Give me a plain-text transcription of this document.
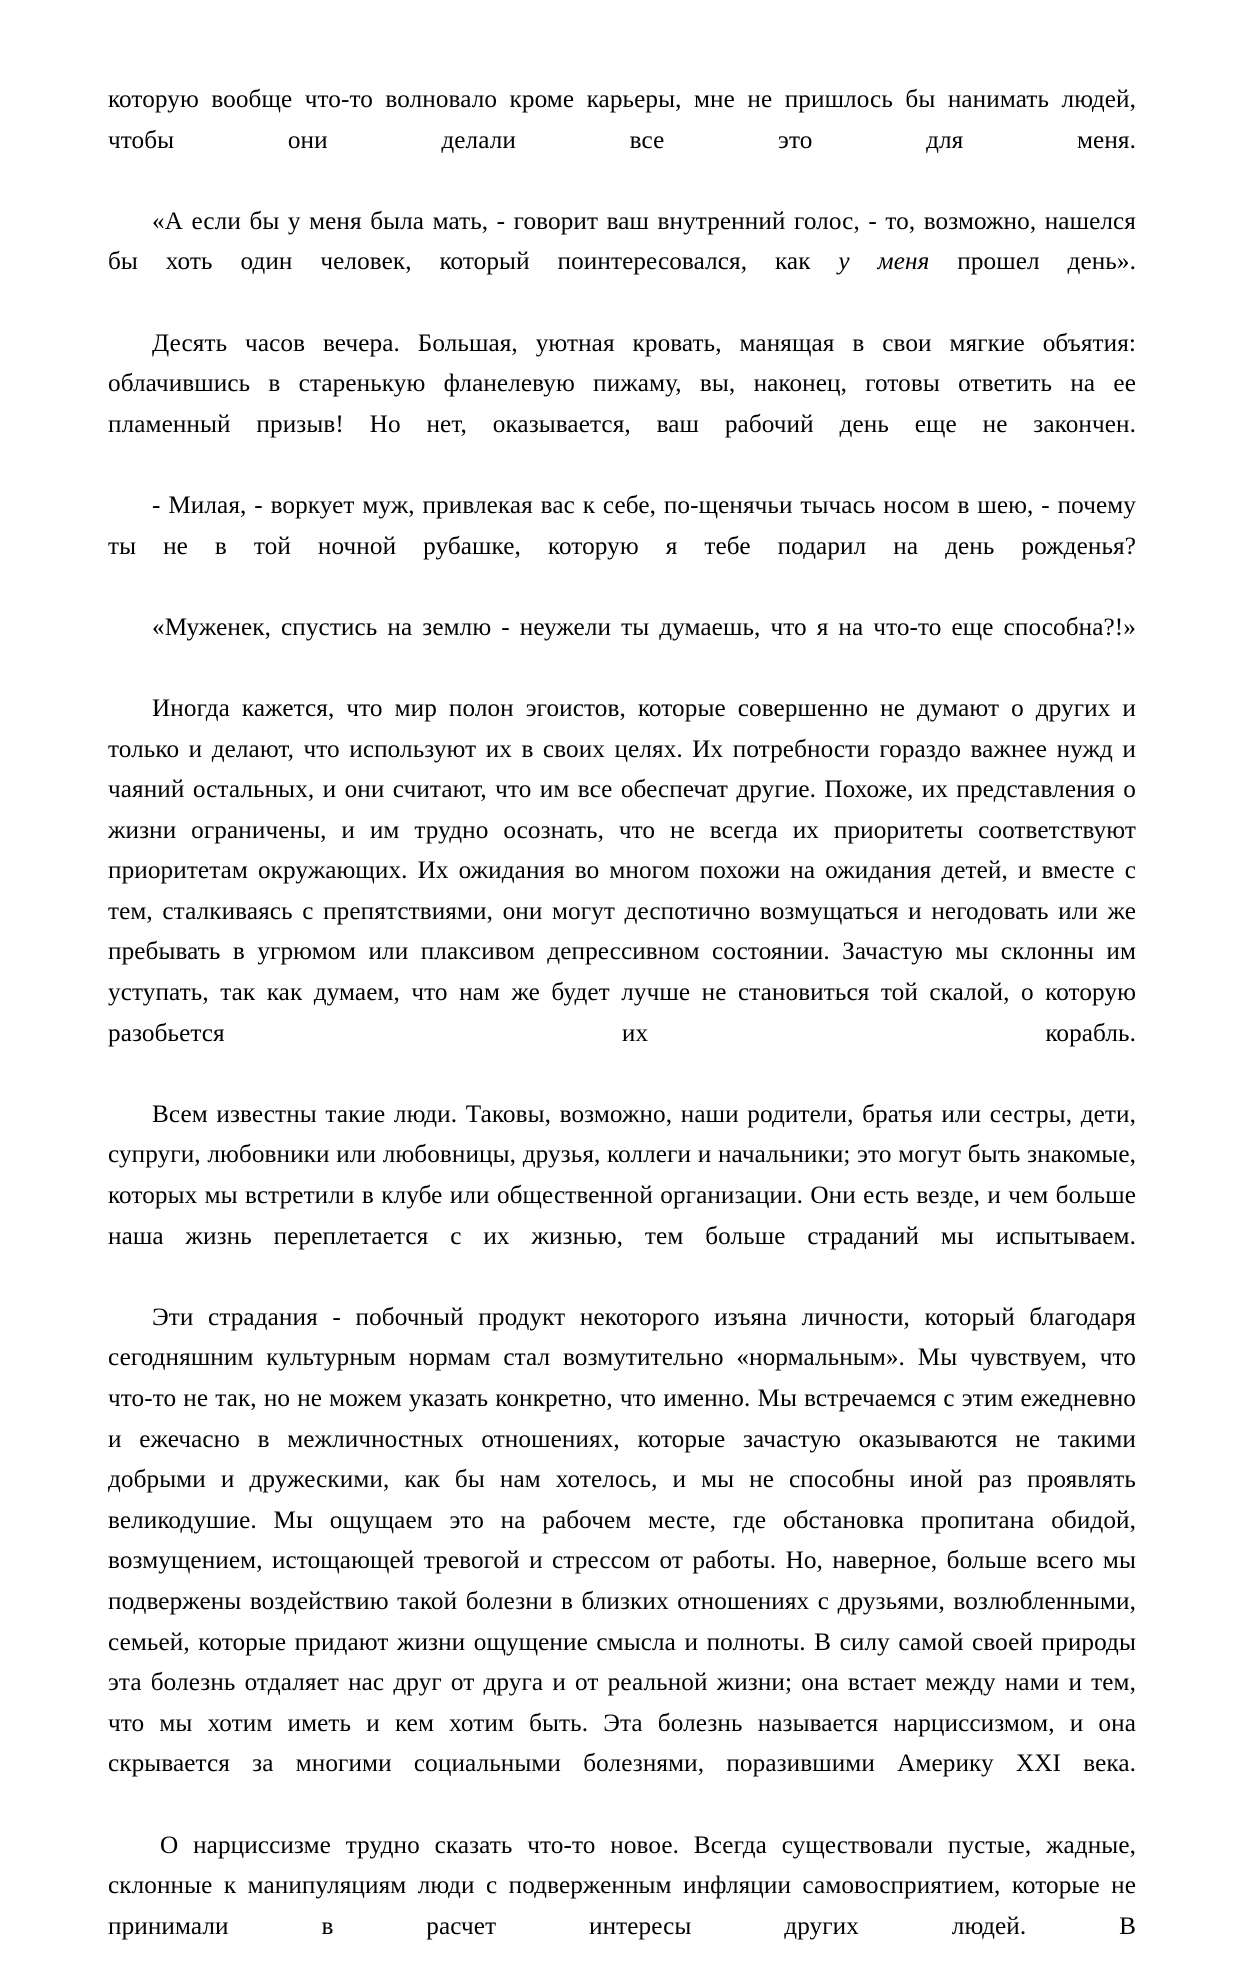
которую вообще что-то волновало кроме карьеры, мне не пришлось бы нанимать людей, чтобы они делали все это для меня.

«А если бы у меня была мать, - говорит ваш внутренний голос, - то, возможно, нашелся бы хоть один человек, который поинтересовался, как у меня прошел день».

Десять часов вечера. Большая, уютная кровать, манящая в свои мягкие объятия: облачившись в старенькую фланелевую пижаму, вы, наконец, готовы ответить на ее пламенный призыв! Но нет, оказывается, ваш рабочий день еще не закончен.

- Милая, - воркует муж, привлекая вас к себе, по-щенячьи тычась носом в шею, - почему ты не в той ночной рубашке, которую я тебе подарил на день рожденья?

«Муженек, спустись на землю - неужели ты думаешь, что я на что-то еще способна?!»

Иногда кажется, что мир полон эгоистов, которые совершенно не думают о других и только и делают, что используют их в своих целях. Их потребности гораздо важнее нужд и чаяний остальных, и они считают, что им все обеспечат другие. Похоже, их представления о жизни ограничены, и им трудно осознать, что не всегда их приоритеты соответствуют приоритетам окружающих. Их ожидания во многом похожи на ожидания детей, и вместе с тем, сталкиваясь с препятствиями, они могут деспотично возмущаться и негодовать или же пребывать в угрюмом или плаксивом депрессивном состоянии. Зачастую мы склонны им уступать, так как думаем, что нам же будет лучше не становиться той скалой, о которую разобьется их корабль.

Всем известны такие люди. Таковы, возможно, наши родители, братья или сестры, дети, супруги, любовники или любовницы, друзья, коллеги и начальники; это могут быть знакомые, которых мы встретили в клубе или общественной организации. Они есть везде, и чем больше наша жизнь переплетается с их жизнью, тем больше страданий мы испытываем.

Эти страдания - побочный продукт некоторого изъяна личности, который благодаря сегодняшним культурным нормам стал возмутительно «нормальным». Мы чувствуем, что что-то не так, но не можем указать конкретно, что именно. Мы встречаемся с этим ежедневно и ежечасно в межличностных отношениях, которые зачастую оказываются не такими добрыми и дружескими, как бы нам хотелось, и мы не способны иной раз проявлять великодушие. Мы ощущаем это на рабочем месте, где обстановка пропитана обидой, возмущением, истощающей тревогой и стрессом от работы. Но, наверное, больше всего мы подвержены воздействию такой болезни в близких отношениях с друзьями, возлюбленными, семьей, которые придают жизни ощущение смысла и полноты. В силу самой своей природы эта болезнь отдаляет нас друг от друга и от реальной жизни; она встает между нами и тем, что мы хотим иметь и кем хотим быть. Эта болезнь называется нарциссизмом, и она скрывается за многими социальными болезнями, поразившими Америку XXI века.

О нарциссизме трудно сказать что-то новое. Всегда существовали пустые, жадные, склонные к манипуляциям люди с подверженным инфляции самовосприятием, которые не принимали в расчет интересы других людей. В
